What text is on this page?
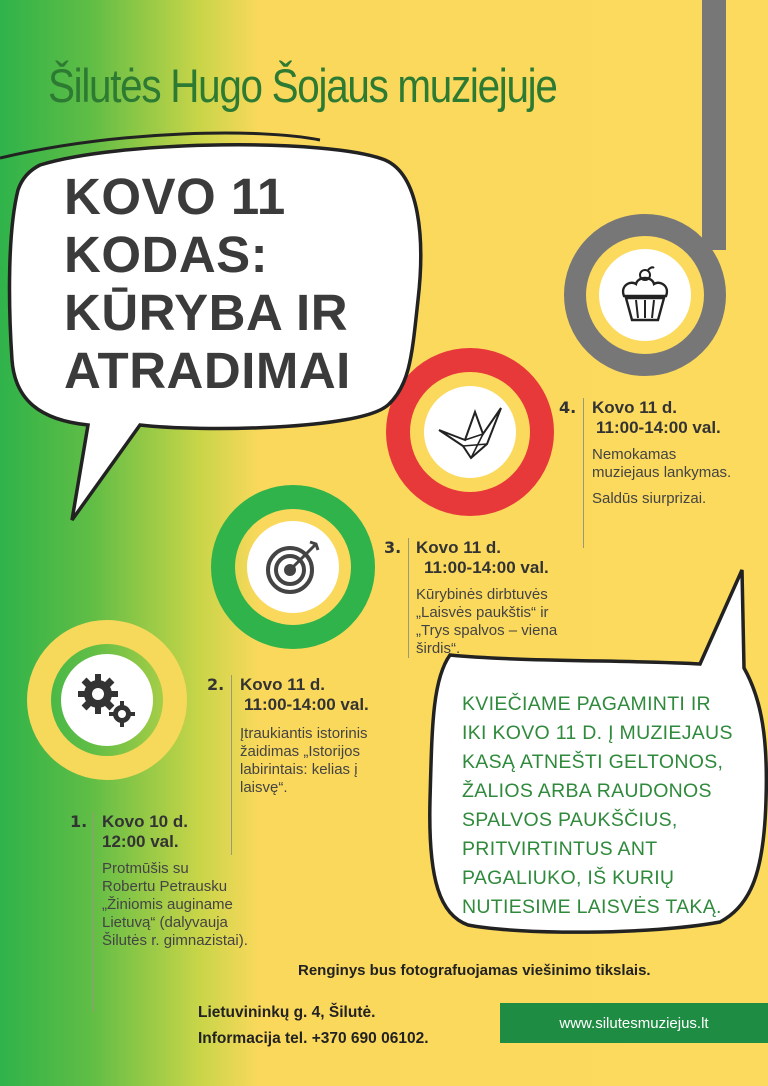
Šilutės Hugo Šojaus muziejuje
KOVO 11
KODAS:
KŪRYBA IR
ATRADIMAI
4. Kovo 11 d.
11:00-14:00 val.
Nemokamas
muziejaus lankymas.
Saldūs siurprizai.
3. Kovo 11 d.
11:00-14:00 val.
Kūrybinės dirbtuvės
„Laisvės paukštis“ ir
„Trys spalvos – viena
širdis“.
2. Kovo 11 d.
11:00-14:00 val.
Įtraukiantis istorinis
žaidimas „Istorijos
labirintais: kelias į
laisvę“.
1. Kovo 10 d.
12:00 val.
Protmūšis su
Robertu Petrausku
„Žiniomis auginame
Lietuvą“ (dalyvauja
Šilutės r. gimnazistai).
KVIEČIAME PAGAMINTI IR
IKI KOVO 11 D. Į MUZIEJAUS
KASĄ ATNEŠTI GELTONOS,
ŽALIOS ARBA RAUDONOS
SPALVOS PAUKŠČIUS,
PRITVIRTINTUS ANT
PAGALIUKO, IŠ KURIŲ
NUTIESIME LAISVĖS TAKĄ.
Renginys bus fotografuojamas viešinimo tikslais.
Lietuvininkų g. 4, Šilutė.
Informacija tel. +370 690 06102.
www.silutesmuziejus.lt
